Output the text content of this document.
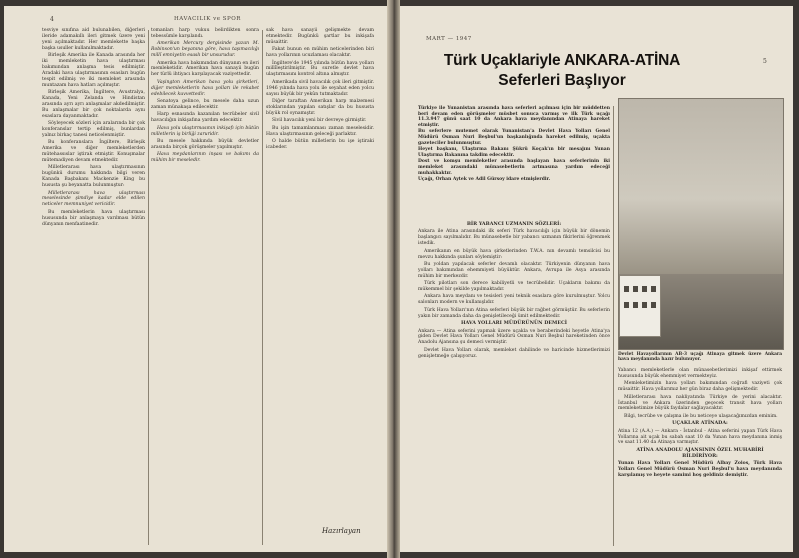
4	HAVACILIK ve SPOR

tesviye sınıfına aid bulunabilen, diğerleri ileride adamakıllı ileri gitmek üzere yeni yeni açılmaktadır. Her memlekette başka başka usuller kullanılmaktadır.

Birleşik Amerika ile Kanada arasında her iki memleketin hava ulaştırması bakımından anlaşma tesis edilmiştir. Aradaki hava ulaştırmasının esasları bugün tespit edilmiş ve iki memleket arasında muntazam hava hatları açılmıştır.

Birleşik Amerika, İngiltere, Avustralya, Kanada, Yeni Zelanda ve Hindistan arasında ayrı ayrı anlaşmalar akdedilmiştir. Bu anlaşmalar bir çok noktalarda aynı esaslara dayanmaktadır.

Söyleyecek sözleri için aralarında bir çok konferanslar tertip edilmiş, bunlardan yalnız birkaç tanesi neticelenmiştir.

Bu konferanslara İngiltere, Birleşik Amerika ve diğer memleketlerden mütehassıslar iştirak etmiştir. Konuşmalar mütemadiyen devam etmektedir.

Milletlerarası hava ulaştırmasının bugünkü durumu hakkında bilgi veren Kanada Başbakanı Mackenzie King bu hususta şu beyanatta bulunmuştur:

Milletlerarası hava ulaştırması meselesinde şimdiye kadar elde edilen neticeler memnuniyet vericidir.

Bu memleketlerin hava ulaştırması hususunda bir anlaşmaya varılması bütün dünyanın menfaatinedir.

tomanları harp vukuu belirdikten sonra tebessümle karşılandı.

Amerikan Mercury dergisinde yazan M. Robinson'un beyanına göre, hava taşımacılığı millî emniyetin esaslı bir unsurudur.

Amerika hava bakımından dünyanın en ileri memleketidir. Amerikan hava sanayii bugün her türlü ihtiyacı karşılayacak vaziyettedir.

Vaşington Amerikan hava yolu şirketleri, diğer memleketlerin hava yolları ile rekabet edebilecek kuvvettedir.

Senatoya gelince, bu mesele daha uzun zaman münakaşa edilecektir.

Harp esnasında kazanılan tecrübeler sivil havacılığın inkişafına yardım edecektir.

Hava yolu ulaştırmasının inkişafı için bütün milletlerin iş birliği zaruridir.

Bu mesele hakkında büyük devletler arasında birçok görüşmeler yapılmıştır.

Hava meydanlarının inşası ve bakımı da mühim bir meseledir.

sak hava sanayii gelişmekte devam etmektedir. Bugünkü şartlar bu inkişafa müsaittir.

Fakat bunun en mühim neticelerinden biri hava yollarının ucuzlaması olacaktır.

İngiltere'de 1945 yılında bütün hava yolları millîleştirilmiştir. Bu suretle devlet hava ulaştırmasını kontrol altına almıştır.

Amerikada sivil havacılık çok ileri gitmiştir. 1946 yılında hava yolu ile seyahat eden yolcu sayısı büyük bir yekûn tutmaktadır.

Diğer taraftan Amerikan harp malzemesi stoklarından yapılan satışlar da bu hususta büyük rol oynamıştır.

Sivil havacılık yeni bir devreye girmiştir.

Bu işin tamamlanması zaman meselesidir. Hava ulaştırmasının geleceği parlaktır.

O halde bütün milletlerin bu işe iştiraki icabeder.

Hazırlayan
MART — 1947
5
Türk Uçaklariyle ANKARA-ATİNA
Seferleri Başlıyor

Türkiye ile Yunanistan arasında hava seferleri açılması için bir müddetten beri devam eden görüşmeler müsbet sonuca varmış ve ilk Türk uçağı 11.3.947 günü saat 10 da Ankara hava meydanından Atinaya hareket etmiştir.

Bu seferlere mutemet olarak Yunanistan'a Devlet Hava Yolları Genel Müdürü Osman Nuri Beşbul'un başkanlığında hareket edilmiş, uçakta gazeteciler bulunmuştur.

Heyet başkanı, Ulaştırma Bakanı Şükrü Koçak'ın bir mesajını Yunan Ulaştırma Bakanına takdim edecektir.

Dost ve komşu memleketler arasında başlayan hava seferlerinin iki memleket arasındaki münasebetlerin artmasına yardım edeceği muhakkaktır.

Uçağı, Orhan Aytek ve Adil Gürsoy idare etmişlerdir.

BİR YABANCI UZMANIN SÖZLERİ:

Ankara ile Atina arasındaki ilk seferi Türk havacılığı için büyük bir dönemin başlangıcı sayılmalıdır. Bu münasebetle bir yabancı uzmanın fikirlerini öğrenmek istedik.

Amerikanın en büyük hava şirketlerinden T.W.A. nın devamlı temsilcisi bu mevzu hakkında şunları söylemiştir:

Bu yoldan yapılacak seferler devamlı olacaktır. Türkiyenin dünyanın hava yolları bakımından ehemmiyeti büyüktür. Ankara, Avrupa ile Asya arasında mühim bir merkezdir.

Türk pilotları son derece kabiliyetli ve tecrübelidir. Uçakların bakımı da mükemmel bir şekilde yapılmaktadır.

Ankara hava meydanı ve tesisleri yeni teknik esaslara göre kurulmuştur. Yolcu salonları modern ve kullanışlıdır.

Türk Hava Yolları'nın Atina seferleri büyük bir rağbet görmüştür. Bu seferlerin yakın bir zamanda daha da genişletileceği ümit edilmektedir.

HAVA YOLLARI MÜDÜRÜNÜN DEMECİ

Ankara — Atina seferini yapmak üzere uçakla ve beraberindeki heyetle Atina'ya giden Devlet Hava Yolları Genel Müdürü Osman Nuri Beşbul hareketinden önce Anadolu Ajansına şu demeci vermiştir.

Devlet Hava Yolları olarak, memleket dahilinde ve haricinde hizmetlerimizi genişletmeğe çalışıyoruz.	Devlet Havayollarının AB-3 uçağı Atinaya gitmek üzere Ankara hava meydanında hazır bulunuyor.

Yabancı memleketlerle olan münasebetlerimizi inkişaf ettirmek hususunda büyük ehemmiyet vermekteyiz.

Memleketimizin hava yolları bakımından coğrafi vaziyeti çok müsaittir. Hava yollarımız her gün biraz daha gelişmektedir.

Milletlerarası hava nakliyatında Türkiye de yerini alacaktır. İstanbul ve Ankara üzerinden geçecek transit hava yolları memleketimize büyük faydalar sağlayacaktır.

Bilgi, tecrübe ve çalışma ile bu neticeye ulaşacağımızdan eminim.

UÇAKLAR ATİNADA:

Atina 12 (A.A.) — Ankara - İstanbul - Atina seferini yapan Türk Hava Yollarına ait uçak bu sabah saat 10 da Yunan hava meydanına inmiş ve saat 11.40 da Atinaya varmıştır.

ATİNA ANADOLU AJANSININ ÖZEL MUHABİRİ BİLDİRİYOR:

Yunan Hava Yolları Genel Müdürü Albay Zoios, Türk Hava Yolları Genel Müdürü Osman Nuri Beşbul'u hava meydanında karşılamış ve heyete samimi hoş geldiniz demiştir.
